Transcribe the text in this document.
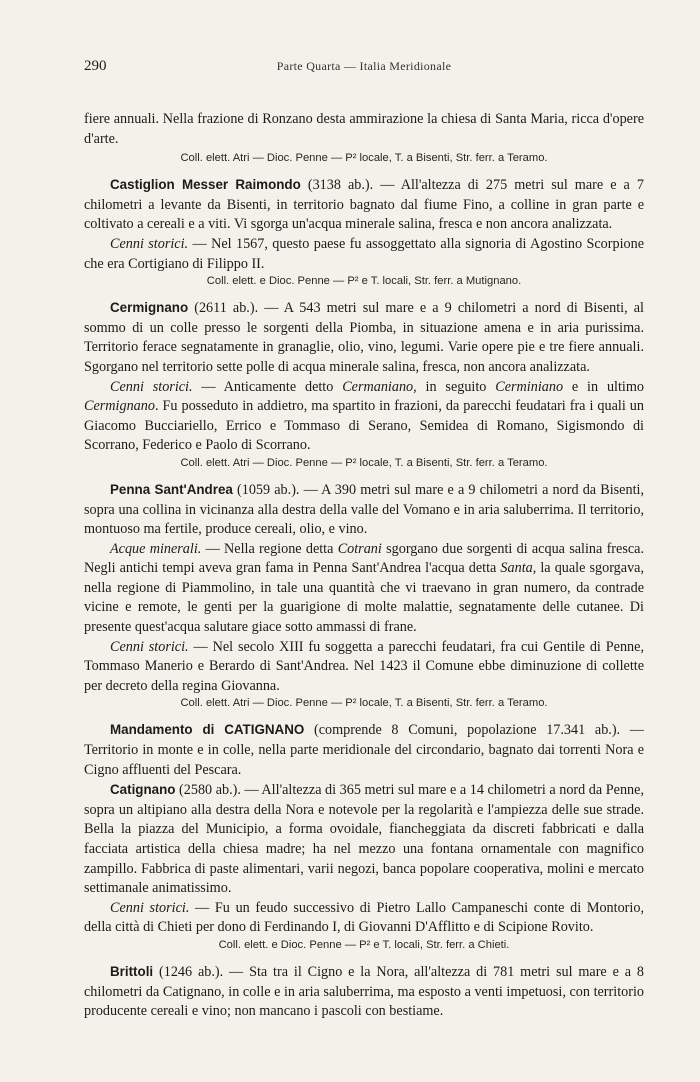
290	Parte Quarta — Italia Meridionale

fiere annuali. Nella frazione di Ronzano desta ammirazione la chiesa di Santa Maria, ricca d'opere d'arte.

Coll. elett. Atri — Dioc. Penne — P² locale, T. a Bisenti, Str. ferr. a Teramo.

Castiglion Messer Raimondo (3138 ab.). — All'altezza di 275 metri sul mare e a 7 chilometri a levante da Bisenti, in territorio bagnato dal fiume Fino, a colline in gran parte e coltivato a cereali e a viti. Vi sgorga un'acqua minerale salina, fresca e non ancora analizzata.

Cenni storici. — Nel 1567, questo paese fu assoggettato alla signoria di Agostino Scorpione che era Cortigiano di Filippo II.

Coll. elett. e Dioc. Penne — P² e T. locali, Str. ferr. a Mutignano.

Cermignano (2611 ab.). — A 543 metri sul mare e a 9 chilometri a nord di Bisenti, al sommo di un colle presso le sorgenti della Piomba, in situazione amena e in aria purissima. Territorio ferace segnatamente in granaglie, olio, vino, legumi. Varie opere pie e tre fiere annuali. Sgorgano nel territorio sette polle di acqua minerale salina, fresca, non ancora analizzata.

Cenni storici. — Anticamente detto Cermaniano, in seguito Cerminiano e in ultimo Cermignano. Fu posseduto in addietro, ma spartito in frazioni, da parecchi feudatari fra i quali un Giacomo Bucciariello, Errico e Tommaso di Serano, Semidea di Romano, Sigismondo di Scorrano, Federico e Paolo di Scorrano.

Coll. elett. Atri — Dioc. Penne — P² locale, T. a Bisenti, Str. ferr. a Teramo.

Penna Sant'Andrea (1059 ab.). — A 390 metri sul mare e a 9 chilometri a nord da Bisenti, sopra una collina in vicinanza alla destra della valle del Vomano e in aria saluberrima. Il territorio, montuoso ma fertile, produce cereali, olio, e vino.

Acque minerali. — Nella regione detta Cotrani sgorgano due sorgenti di acqua salina fresca. Negli antichi tempi aveva gran fama in Penna Sant'Andrea l'acqua detta Santa, la quale sgorgava, nella regione di Piammolino, in tale una quantità che vi traevano in gran numero, da contrade vicine e remote, le genti per la guarigione di molte malattie, segnatamente delle cutanee. Di presente quest'acqua salutare giace sotto ammassi di frane.

Cenni storici. — Nel secolo XIII fu soggetta a parecchi feudatari, fra cui Gentile di Penne, Tommaso Manerio e Berardo di Sant'Andrea. Nel 1423 il Comune ebbe diminuzione di collette per decreto della regina Giovanna.

Coll. elett. Atri — Dioc. Penne — P² locale, T. a Bisenti, Str. ferr. a Teramo.

Mandamento di CATIGNANO (comprende 8 Comuni, popolazione 17.341 ab.). — Territorio in monte e in colle, nella parte meridionale del circondario, bagnato dai torrenti Nora e Cigno affluenti del Pescara.

Catignano (2580 ab.). — All'altezza di 365 metri sul mare e a 14 chilometri a nord da Penne, sopra un altipiano alla destra della Nora e notevole per la regolarità e l'ampiezza delle sue strade. Bella la piazza del Municipio, a forma ovoidale, fiancheggiata da discreti fabbricati e dalla facciata artistica della chiesa madre; ha nel mezzo una fontana ornamentale con magnifico zampillo. Fabbrica di paste alimentari, varii negozi, banca popolare cooperativa, molini e mercato settimanale animatissimo.

Cenni storici. — Fu un feudo successivo di Pietro Lallo Campaneschi conte di Montorio, della città di Chieti per dono di Ferdinando I, di Giovanni D'Afflitto e di Scipione Rovito.

Coll. elett. e Dioc. Penne — P² e T. locali, Str. ferr. a Chieti.

Brittoli (1246 ab.). — Sta tra il Cigno e la Nora, all'altezza di 781 metri sul mare e a 8 chilometri da Catignano, in colle e in aria saluberrima, ma esposto a venti impetuosi, con territorio producente cereali e vino; non mancano i pascoli con bestiame.
